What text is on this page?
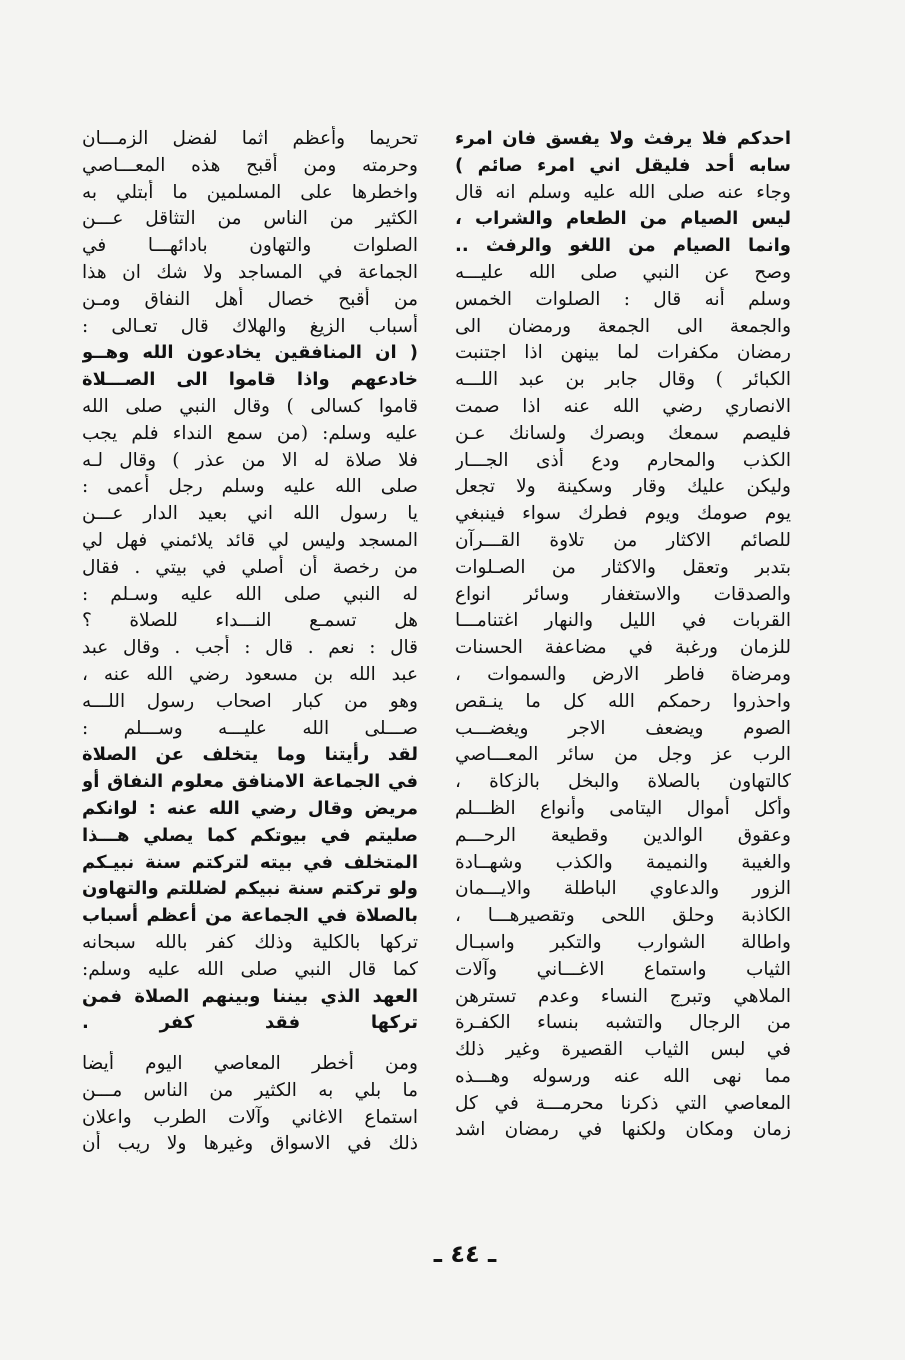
احدكم فلا يرفث ولا يفسق فان امرء
سابه أحد فليقل اني امرء صائم )
وجاء عنه صلى الله عليه وسلم انه قال
ليس الصيام من الطعام والشراب ،
وانما الصيام من اللغو والرفث ..
وصح عن النبي صلى الله عليـــه
وسلم أنه قال : الصلوات الخمس
والجمعة الى الجمعة ورمضان الى
رمضان مكفرات لما بينهن اذا اجتنبت
الكبائر ) وقال جابر بن عبد اللـــه
الانصاري رضي الله عنه اذا صمت
فليصم سمعك وبصرك ولسانك عـن
الكذب والمحارم ودع أذى الجـــار
وليكن عليك وقار وسكينة ولا تجعل
يوم صومك ويوم فطرك سواء فينبغي
للصائم الاكثار من تلاوة القـــرآن
بتدبر وتعقل والاكثار من الصـلوات
والصدقات والاستغفار وسائر انواع
القربات في الليل والنهار اغتنامـــا
للزمان ورغبة في مضاعفة الحسنات
ومرضاة فاطر الارض والسموات ،
واحذروا رحمكم الله كل ما ينـقص
الصوم ويضعف الاجر ويغضـــب
الرب عز وجل من سائر المعـــاصي
كالتهاون بالصلاة والبخل بالزكاة ،
وأكل أموال اليتامى وأنواع الظـــلم
وعقوق الوالدين وقطيعة الرحـــم
والغيبة والنميمة والكذب وشهــادة
الزور والدعاوي الباطلة والايـــمان
الكاذبة وحلق اللحى وتقصيرهـــا ،
واطالة الشوارب والتكبر واسبـال
الثياب واستماع الاغـــاني وآلات
الملاهي وتبرج النساء وعدم تسترهن
من الرجال والتشبه بنساء الكفـرة
في لبس الثياب القصيرة وغير ذلك
مما نهى الله عنه ورسوله وهـــذه
المعاصي التي ذكرنا محرمـــة في كل
زمان ومكان ولكنها في رمضان اشد
تحريما وأعظم اثما لفضل الزمـــان
وحرمته ومن أقبح هذه المعـــاصي
واخطرها على المسلمين ما أبتلي به
الكثير من الناس من التثاقل عـــن
الصلوات والتهاون بادائهـــا في
الجماعة في المساجد ولا شك ان هذا
من أقبح خصال أهل النفاق ومـن
أسباب الزيغ والهلاك قال تعـالى :
( ان المنافقين يخادعون الله وهــو
خادعهم واذا قاموا الى الصـــلاة
قاموا كسالى ) وقال النبي صلى الله
عليه وسلم: (من سمع النداء فلم يجب
فلا صلاة له الا من عذر ) وقال لـه
صلى الله عليه وسلم رجل أعمى :
يا رسول الله اني بعيد الدار عـــن
المسجد وليس لي قائد يلائمني فهل لي
من رخصة أن أصلي في بيتي . فقال
له النبي صلى الله عليه وسـلم :
هل تسمـع النـــداء للصلاة ؟
قال : نعم . قال : أجب . وقال عبد
عبد الله بن مسعود رضي الله عنه ،
وهو من كبار اصحاب رسول اللـــه
صـــلى الله عليـــه وســـلم :
لقد رأيتنا وما يتخلف عن الصلاة
في الجماعة الامنافق معلوم النفاق أو
مريض وقال رضي الله عنه : لوانكم
صليتم في بيوتكم كما يصلي هـــذا
المتخلف في بيته لتركتم سنة نبيـكم
ولو تركتم سنة نبيكم لضللتم والتهاون
بالصلاة في الجماعة من أعظم أسباب
تركها بالكلية وذلك كفر بالله سبحانه
كما قال النبي صلى الله عليه وسلم:
العهد الذي بيننا وبينهم الصلاة فمن
تركها فقد كفر .
ومن أخطر المعاصي اليوم أيضا
ما بلي به الكثير من الناس مـــن
استماع الاغاني وآلات الطرب واعلان
ذلك في الاسواق وغيرها ولا ريب أن
ـ ٤٤ ـ
